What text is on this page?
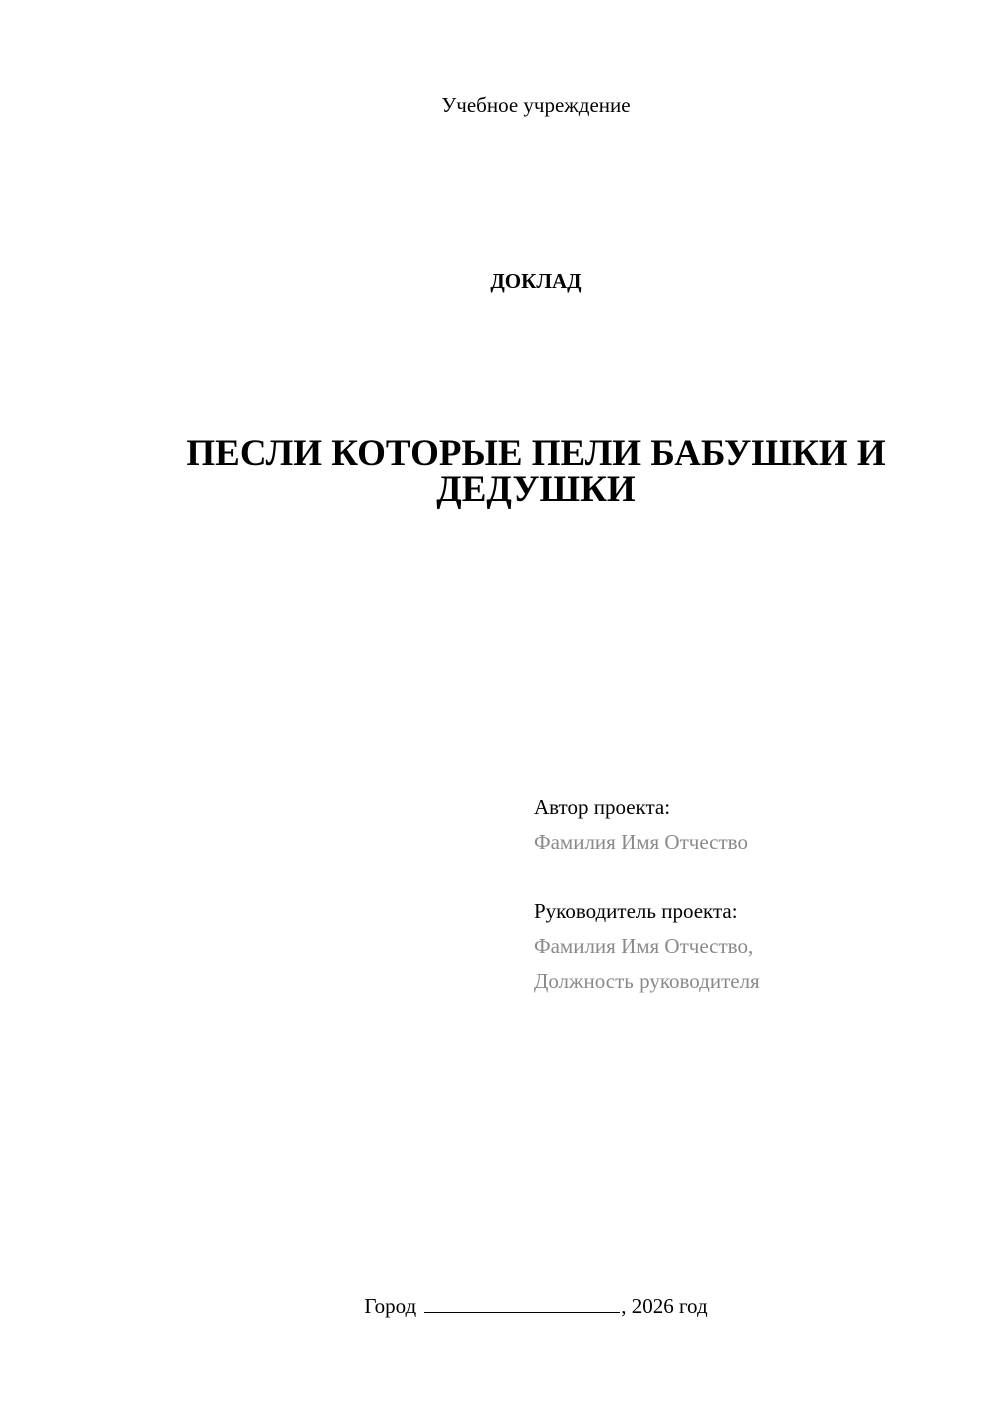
Учебное учреждение
ДОКЛАД
ПЕСЛИ КОТОРЫЕ ПЕЛИ БАБУШКИ И ДЕДУШКИ
Автор проекта:
Фамилия Имя Отчество
Руководитель проекта:
Фамилия Имя Отчество,
Должность руководителя
Город	, 2026 год
